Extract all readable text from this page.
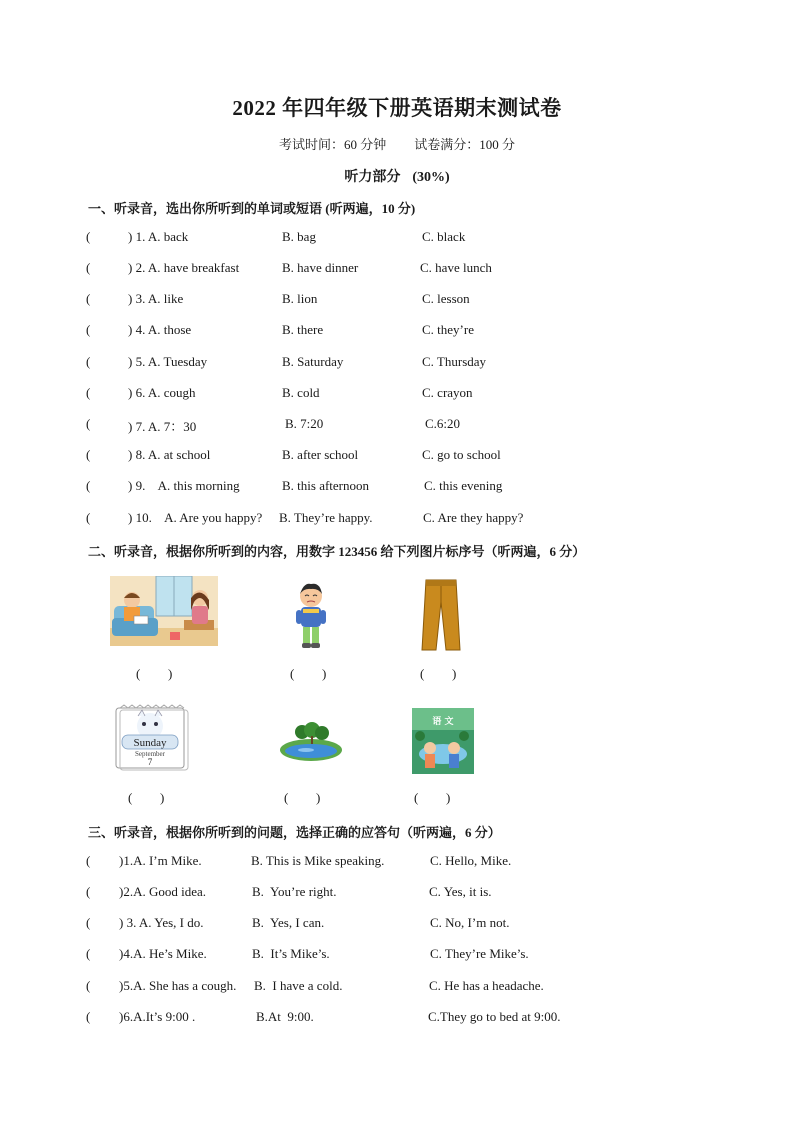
2022 年四年级下册英语期末测试卷
考试时间：60 分钟 试卷满分：100 分
听力部分 (30%)
一、听录音，选出你所听到的单词或短语 (听两遍，10 分)
(	) 1. A. back	B. bag	C. black
(	) 2. A. have breakfast	B. have dinner	C. have lunch
(	) 3. A. like	B. lion	C. lesson
(	) 4. A. those	B. there	C. they’re
(	) 5. A. Tuesday	B. Saturday	C. Thursday
(	) 6. A. cough	B. cold	C. crayon
(	) 7. A. 7：30	B. 7:20	C.6:20
(	) 8. A. at school	B. after school	C. go to school
(	) 9.    A. this morning	B. this afternoon	C. this evening
(	) 10.    A. Are you happy? B. They’re happy.	C. Are they happy?
二、听录音，根据你所听到的内容，用数字 123456 给下列图片标序号（听两遍，6 分）
( )	( )	( )
Sunday
September
7
( )	( )
语 文
( )
三、听录音，根据你所听到的问题，选择正确的应答句（听两遍，6 分）
( )1.A. I’m Mike.	B. This is Mike speaking.	C. Hello, Mike.
( )2.A. Good idea.	B.  You’re right.	C. Yes, it is.
( ) 3. A. Yes, I do.	B.  Yes, I can.	C. No, I’m not.
( )4.A. He’s Mike.	B.  It’s Mike’s.	C. They’re Mike’s.
( )5.A. She has a cough. B.  I have a cold.	C. He has a headache.
( )6.A.It’s 9:00 .	B.At  9:00.	C.They go to bed at 9:00.
